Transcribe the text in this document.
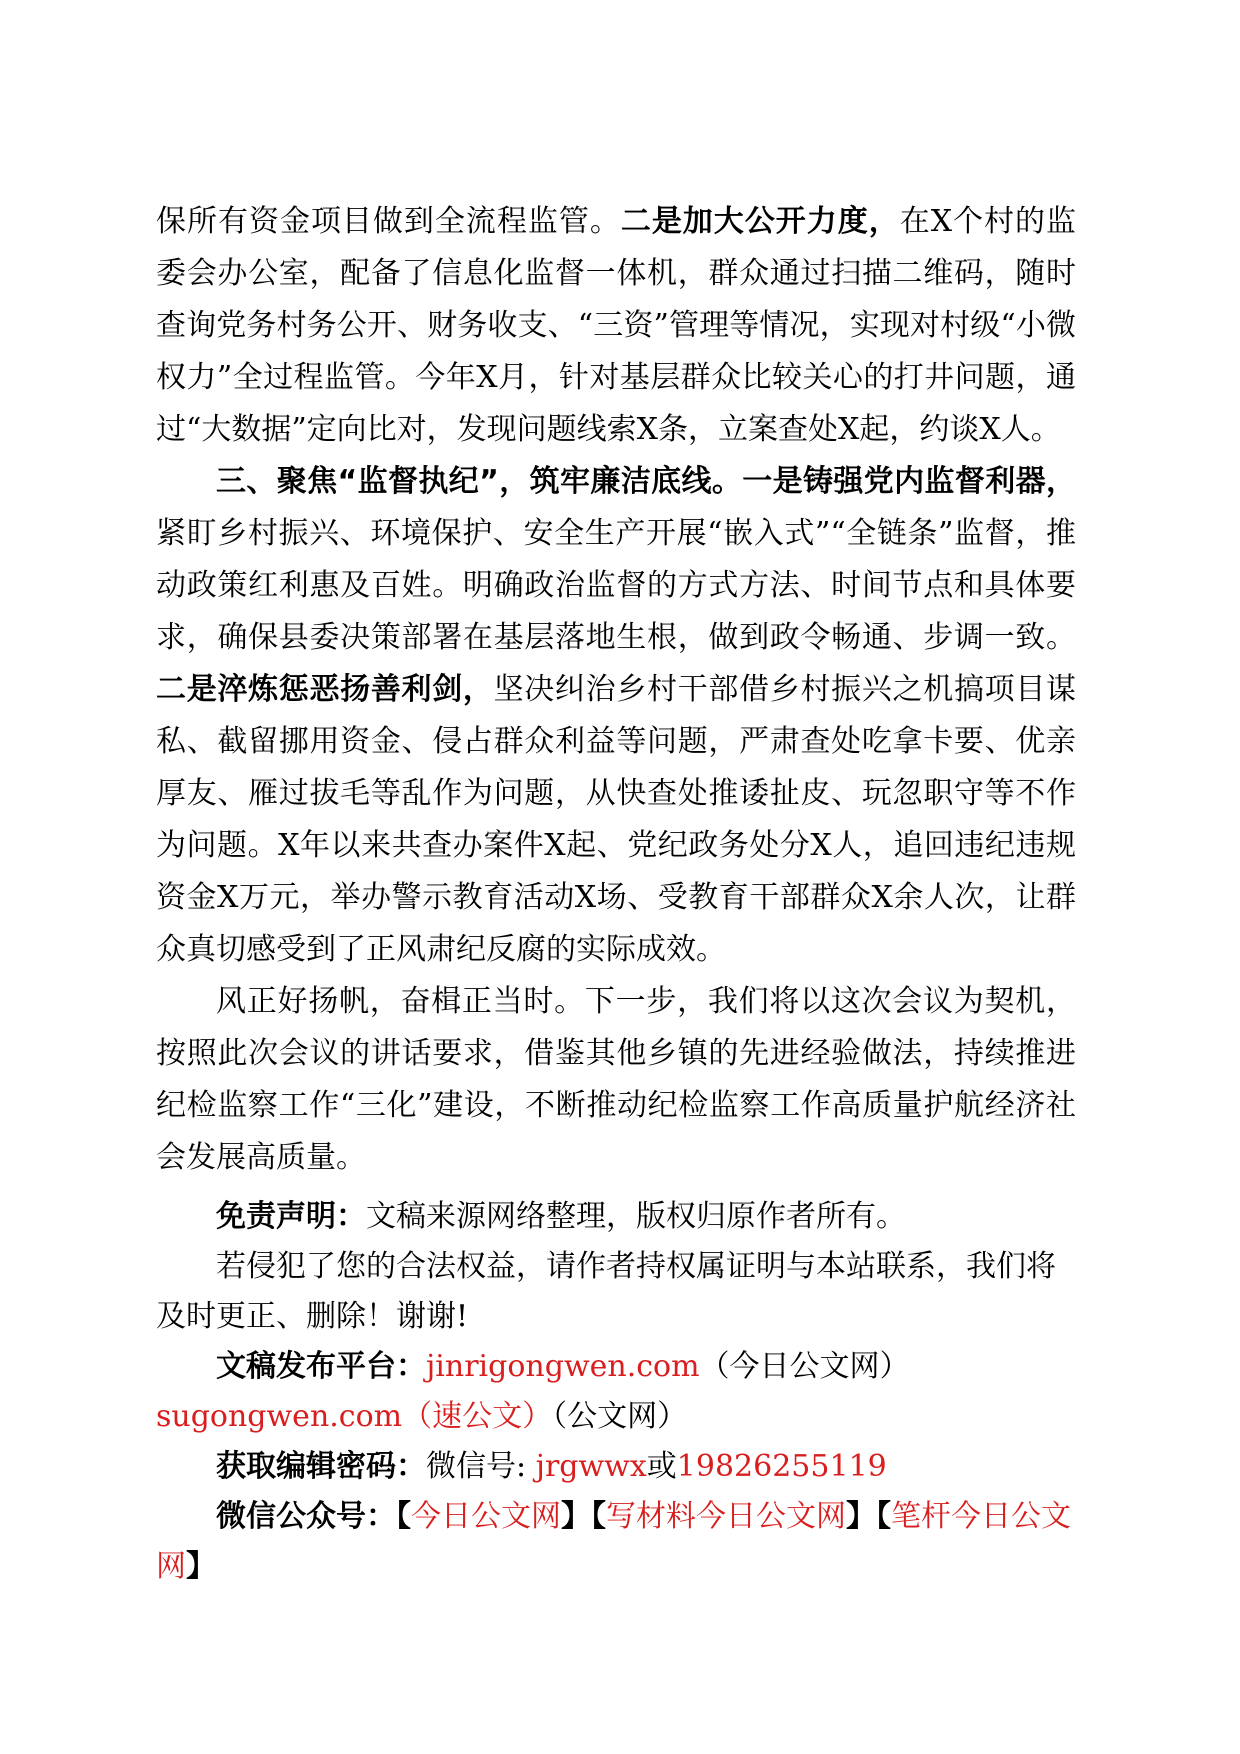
保所有资金项目做到全流程监管。二是加大公开力度，在X个村的监委会办公室，配备了信息化监督一体机，群众通过扫描二维码，随时查询党务村务公开、财务收支、“三资”管理等情况，实现对村级“小微权力”全过程监管。今年X月，针对基层群众比较关心的打井问题，通过“大数据”定向比对，发现问题线索X条，立案查处X起，约谈X人。

三、聚焦“监督执纪”，筑牢廉洁底线。一是铸强党内监督利器，紧盯乡村振兴、环境保护、安全生产开展“嵌入式”“全链条”监督，推动政策红利惠及百姓。明确政治监督的方式方法、时间节点和具体要求，确保县委决策部署在基层落地生根，做到政令畅通、步调一致。二是淬炼惩恶扬善利剑，坚决纠治乡村干部借乡村振兴之机搞项目谋私、截留挪用资金、侵占群众利益等问题，严肃查处吃拿卡要、优亲厚友、雁过拔毛等乱作为问题，从快查处推诿扯皮、玩忽职守等不作为问题。X年以来共查办案件X起、党纪政务处分X人，追回违纪违规资金X万元，举办警示教育活动X场、受教育干部群众X余人次，让群众真切感受到了正风肃纪反腐的实际成效。

风正好扬帆，奋楫正当时。下一步，我们将以这次会议为契机，按照此次会议的讲话要求，借鉴其他乡镇的先进经验做法，持续推进纪检监察工作“三化”建设，不断推动纪检监察工作高质量护航经济社会发展高质量。

免责声明：文稿来源网络整理，版权归原作者所有。

若侵犯了您的合法权益，请作者持权属证明与本站联系，我们将及时更正、删除！谢谢!

文稿发布平台：jinrigongwen.com（今日公文网）

sugongwen.com（速公文）（公文网）

获取编辑密码：微信号: jrgwwx或19826255119

微信公众号：【今日公文网】【写材料今日公文网】【笔杆今日公文网】
